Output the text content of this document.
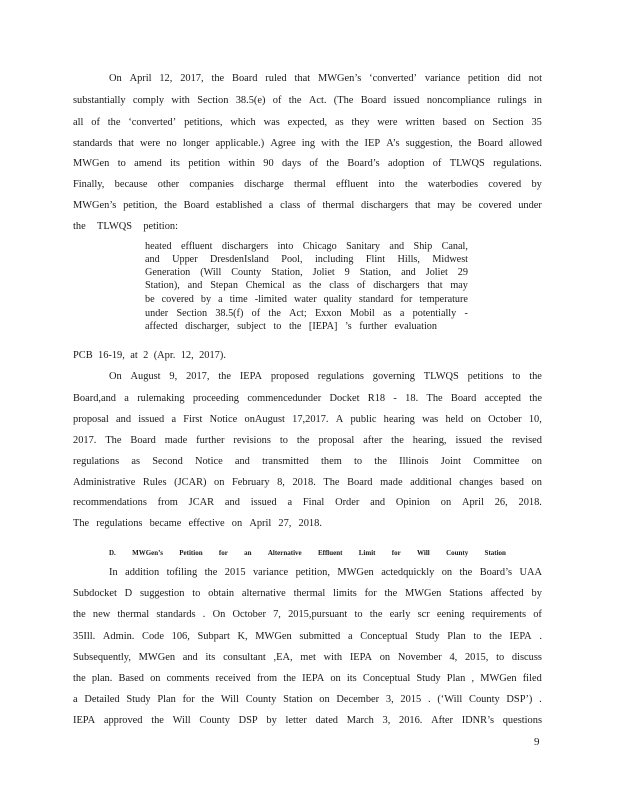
On April 12, 2017, the Board ruled that MWGen’s ‘converted’ variance petition did not
substantially comply with Section 38.5(e) of the Act. (The Board issued noncompliance rulings in
all of the ‘converted’ petitions, which was expected, as they were written based on Section 35
standards that were no longer applicable.) Agree ing with the IEP A’s suggestion, the Board allowed
MWGen to amend its petition within 90 days of the Board’s adoption of TLWQS regulations.
Finally, because other companies discharge thermal effluent into the waterbodies covered by
MWGen’s petition, the Board established a class of thermal dischargers that may be covered under
the TLWQS petition:
heated effluent dischargers into Chicago Sanitary and Ship Canal,
and Upper DresdenIsland Pool, including Flint Hills, Midwest
Generation (Will County Station, Joliet 9 Station, and Joliet 29
Station), and Stepan Chemical as the class of dischargers that may
be covered by a time -limited water quality standard for temperature
under Section 38.5(f) of the Act; Exxon Mobil as a potentially -
affected discharger, subject to the [IEPA] ’s further evaluation
PCB 16-19, at 2 (Apr. 12, 2017).
On August 9, 2017, the IEPA proposed regulations governing TLWQS petitions to the
Board,and a rulemaking proceeding commencedunder Docket R18 - 18. The Board accepted the
proposal and issued a First Notice onAugust 17,2017. A public hearing was held on October 10,
2017. The Board made further revisions to the proposal after the hearing, issued the revised
regulations as Second Notice and transmitted them to the Illinois Joint Committee on
Administrative Rules (JCAR) on February 8, 2018. The Board made additional changes based on
recommendations from JCAR and issued a Final Order and Opinion on April 26, 2018.
The regulations became effective on April 27, 2018.
D. MWGen’s Petition for an Alternative Effluent Limit for Will County Station
In addition tofiling the 2015 variance petition, MWGen actedquickly on the Board’s UAA
Subdocket D suggestion to obtain alternative thermal limits for the MWGen Stations affected by
the new thermal standards . On October 7, 2015,pursuant to the early scr eening requirements of
35Ill. Admin. Code 106, Subpart K, MWGen submitted a Conceptual Study Plan to the IEPA .
Subsequently, MWGen and its consultant ,EA, met with IEPA on November 4, 2015, to discuss
the plan. Based on comments received from the IEPA on its Conceptual Study Plan , MWGen filed
a Detailed Study Plan for the Will County Station on December 3, 2015 . (‘Will County DSP’) .
IEPA approved the Will County DSP by letter dated March 3, 2016. After IDNR’s questions
9
